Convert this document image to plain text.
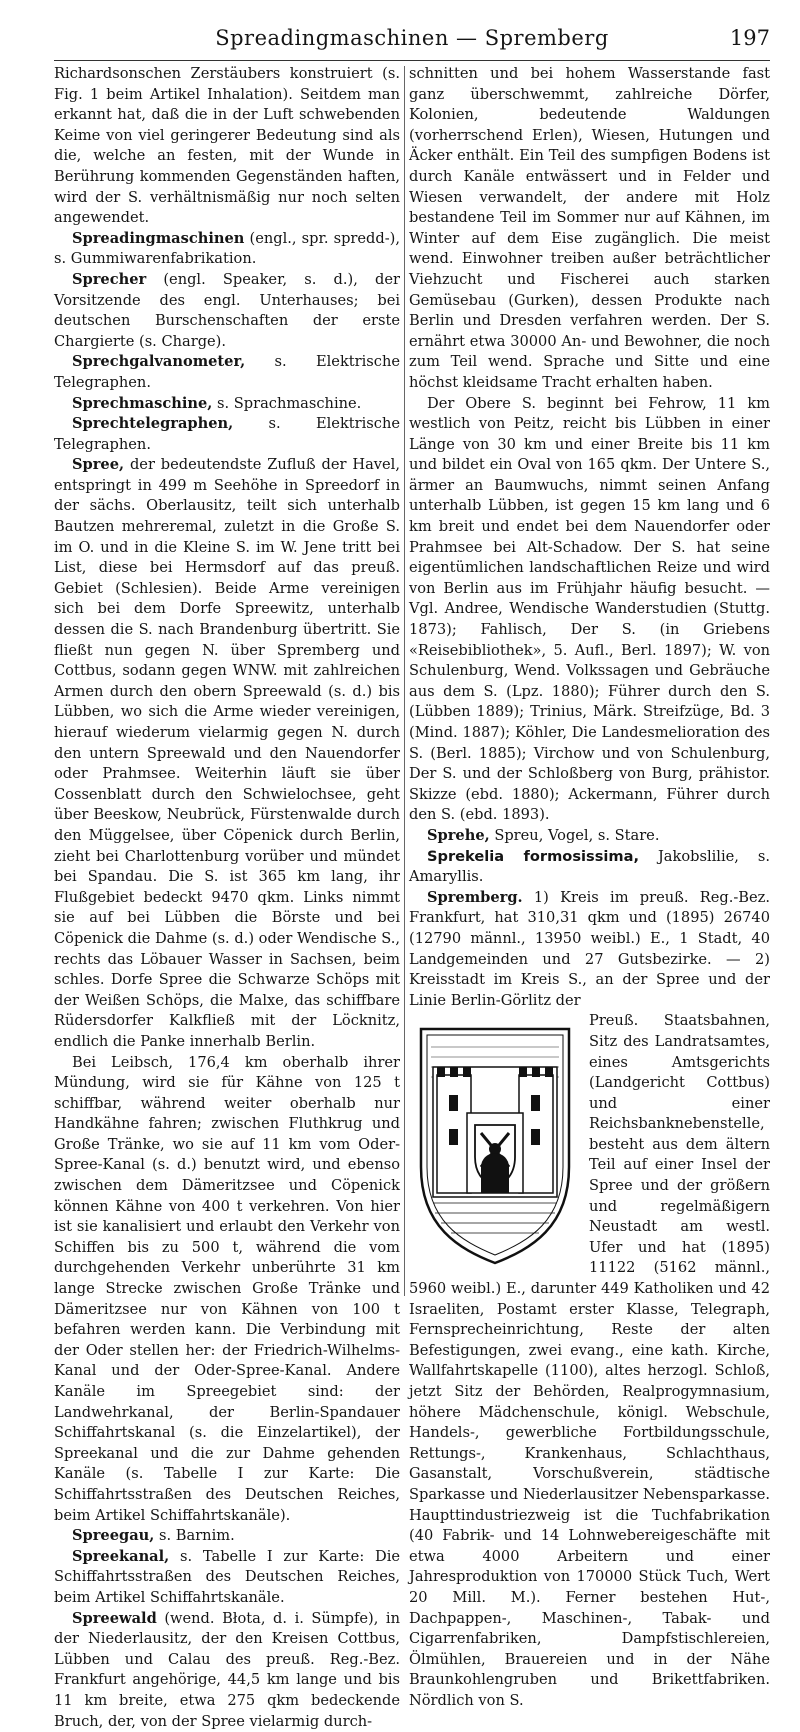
Spreadingmaschinen — Spremberg	197

Richardsonschen Zerstäubers konstruiert (s. Fig. 1 beim Artikel Inhalation). Seitdem man erkannt hat, daß die in der Luft schwebenden Keime von viel geringerer Bedeutung sind als die, welche an festen, mit der Wunde in Berührung kommenden Gegenständen haften, wird der S. verhältnismäßig nur noch selten angewendet.

Spreadingmaschinen (engl., spr. spredd-), s. Gummiwarenfabrikation.

Sprecher (engl. Speaker, s. d.), der Vorsitzende des engl. Unterhauses; bei deutschen Burschenschaften der erste Chargierte (s. Charge).

Sprechgalvanometer, s. Elektrische Telegraphen.

Sprechmaschine, s. Sprachmaschine.

Sprechtelegraphen, s. Elektrische Telegraphen.

Spree, der bedeutendste Zufluß der Havel, entspringt in 499 m Seehöhe in Spreedorf in der sächs. Oberlausitz, teilt sich unterhalb Bautzen mehreremal, zuletzt in die Große S. im O. und in die Kleine S. im W. Jene tritt bei List, diese bei Hermsdorf auf das preuß. Gebiet (Schlesien). Beide Arme vereinigen sich bei dem Dorfe Spreewitz, unterhalb dessen die S. nach Brandenburg übertritt. Sie fließt nun gegen N. über Spremberg und Cottbus, sodann gegen WNW. mit zahlreichen Armen durch den obern Spreewald (s. d.) bis Lübben, wo sich die Arme wieder vereinigen, hierauf wiederum vielarmig gegen N. durch den untern Spreewald und den Nauendorfer oder Prahmsee. Weiterhin läuft sie über Cossenblatt durch den Schwielochsee, geht über Beeskow, Neubrück, Fürstenwalde durch den Müggelsee, über Cöpenick durch Berlin, zieht bei Charlottenburg vorüber und mündet bei Spandau. Die S. ist 365 km lang, ihr Flußgebiet bedeckt 9470 qkm. Links nimmt sie auf bei Lübben die Börste und bei Cöpenick die Dahme (s. d.) oder Wendische S., rechts das Löbauer Wasser in Sachsen, beim schles. Dorfe Spree die Schwarze Schöps mit der Weißen Schöps, die Malxe, das schiffbare Rüdersdorfer Kalkfließ mit der Löcknitz, endlich die Panke innerhalb Berlin.

Bei Leibsch, 176,4 km oberhalb ihrer Mündung, wird sie für Kähne von 125 t schiffbar, während weiter oberhalb nur Handkähne fahren; zwischen Fluthkrug und Große Tränke, wo sie auf 11 km vom Oder-Spree-Kanal (s. d.) benutzt wird, und ebenso zwischen dem Dämeritzsee und Cöpenick können Kähne von 400 t verkehren. Von hier ist sie kanalisiert und erlaubt den Verkehr von Schiffen bis zu 500 t, während die vom durchgehenden Verkehr unberührte 31 km lange Strecke zwischen Große Tränke und Dämeritzsee nur von Kähnen von 100 t befahren werden kann. Die Verbindung mit der Oder stellen her: der Friedrich-Wilhelms-Kanal und der Oder-Spree-Kanal. Andere Kanäle im Spreegebiet sind: der Landwehrkanal, der Berlin-Spandauer Schiffahrtskanal (s. die Einzelartikel), der Spreekanal und die zur Dahme gehenden Kanäle (s. Tabelle I zur Karte: Die Schiffahrtsstraßen des Deutschen Reiches, beim Artikel Schiffahrtskanäle).

Spreegau, s. Barnim.

Spreekanal, s. Tabelle I zur Karte: Die Schiffahrtsstraßen des Deutschen Reiches, beim Artikel Schiffahrtskanäle.

Spreewald (wend. Błota, d. i. Sümpfe), in der Niederlausitz, der den Kreisen Cottbus, Lübben und Calau des preuß. Reg.-Bez. Frankfurt angehörige, 44,5 km lange und bis 11 km breite, etwa 275 qkm bedeckende Bruch, der, von der Spree vielarmig durch-

schnitten und bei hohem Wasserstande fast ganz überschwemmt, zahlreiche Dörfer, Kolonien, bedeutende Waldungen (vorherrschend Erlen), Wiesen, Hutungen und Äcker enthält. Ein Teil des sumpfigen Bodens ist durch Kanäle entwässert und in Felder und Wiesen verwandelt, der andere mit Holz bestandene Teil im Sommer nur auf Kähnen, im Winter auf dem Eise zugänglich. Die meist wend. Einwohner treiben außer beträchtlicher Viehzucht und Fischerei auch starken Gemüsebau (Gurken), dessen Produkte nach Berlin und Dresden verfahren werden. Der S. ernährt etwa 30000 An- und Bewohner, die noch zum Teil wend. Sprache und Sitte und eine höchst kleidsame Tracht erhalten haben.

Der Obere S. beginnt bei Fehrow, 11 km westlich von Peitz, reicht bis Lübben in einer Länge von 30 km und einer Breite bis 11 km und bildet ein Oval von 165 qkm. Der Untere S., ärmer an Baumwuchs, nimmt seinen Anfang unterhalb Lübben, ist gegen 15 km lang und 6 km breit und endet bei dem Nauendorfer oder Prahmsee bei Alt-Schadow. Der S. hat seine eigentümlichen landschaftlichen Reize und wird von Berlin aus im Frühjahr häufig besucht. — Vgl. Andree, Wendische Wanderstudien (Stuttg. 1873); Fahlisch, Der S. (in Griebens «Reisebibliothek», 5. Aufl., Berl. 1897); W. von Schulenburg, Wend. Volkssagen und Gebräuche aus dem S. (Lpz. 1880); Führer durch den S. (Lübben 1889); Trinius, Märk. Streifzüge, Bd. 3 (Mind. 1887); Köhler, Die Landesmelioration des S. (Berl. 1885); Virchow und von Schulenburg, Der S. und der Schloßberg von Burg, prähistor. Skizze (ebd. 1880); Ackermann, Führer durch den S. (ebd. 1893).

Sprehe, Spreu, Vogel, s. Stare.

Sprekelia formosissima, Jakobslilie, s. Amaryllis.

Spremberg. 1) Kreis im preuß. Reg.-Bez. Frankfurt, hat 310,31 qkm und (1895) 26740 (12790 männl., 13950 weibl.) E., 1 Stadt, 40 Landgemeinden und 27 Gutsbezirke. — 2) Kreisstadt im Kreis S., an der Spree und der Linie Berlin-Görlitz der

Preuß. Staatsbahnen, Sitz des Landratsamtes, eines Amtsgerichts (Landgericht Cottbus) und einer Reichsbanknebenstelle, besteht aus dem ältern Teil auf einer Insel der Spree und der größern und regelmäßigern Neustadt am westl. Ufer und hat (1895) 11122 (5162 männl., 5960 weibl.) E., darunter 449 Katholiken und 42 Israeliten, Postamt erster Klasse, Telegraph, Fernsprecheinrichtung, Reste der alten Befestigungen, zwei evang., eine kath. Kirche, Wallfahrtskapelle (1100), altes herzogl. Schloß, jetzt Sitz der Behörden, Realprogymnasium, höhere Mädchenschule, königl. Webschule, Handels-, gewerbliche Fortbildungsschule, Rettungs-, Krankenhaus, Schlachthaus, Gasanstalt, Vorschußverein, städtische Sparkasse und Niederlausitzer Nebensparkasse. Haupttindustriezweig ist die Tuchfabrikation (40 Fabrik- und 14 Lohnwebereigeschäfte mit etwa 4000 Arbeitern und einer Jahresproduktion von 170000 Stück Tuch, Wert 20 Mill. M.). Ferner bestehen Hut-, Dachpappen-, Maschinen-, Tabak- und Cigarrenfabriken, Dampfstischlereien, Ölmühlen, Brauereien und in der Nähe Braunkohlengruben und Brikettfabriken. Nördlich von S.
